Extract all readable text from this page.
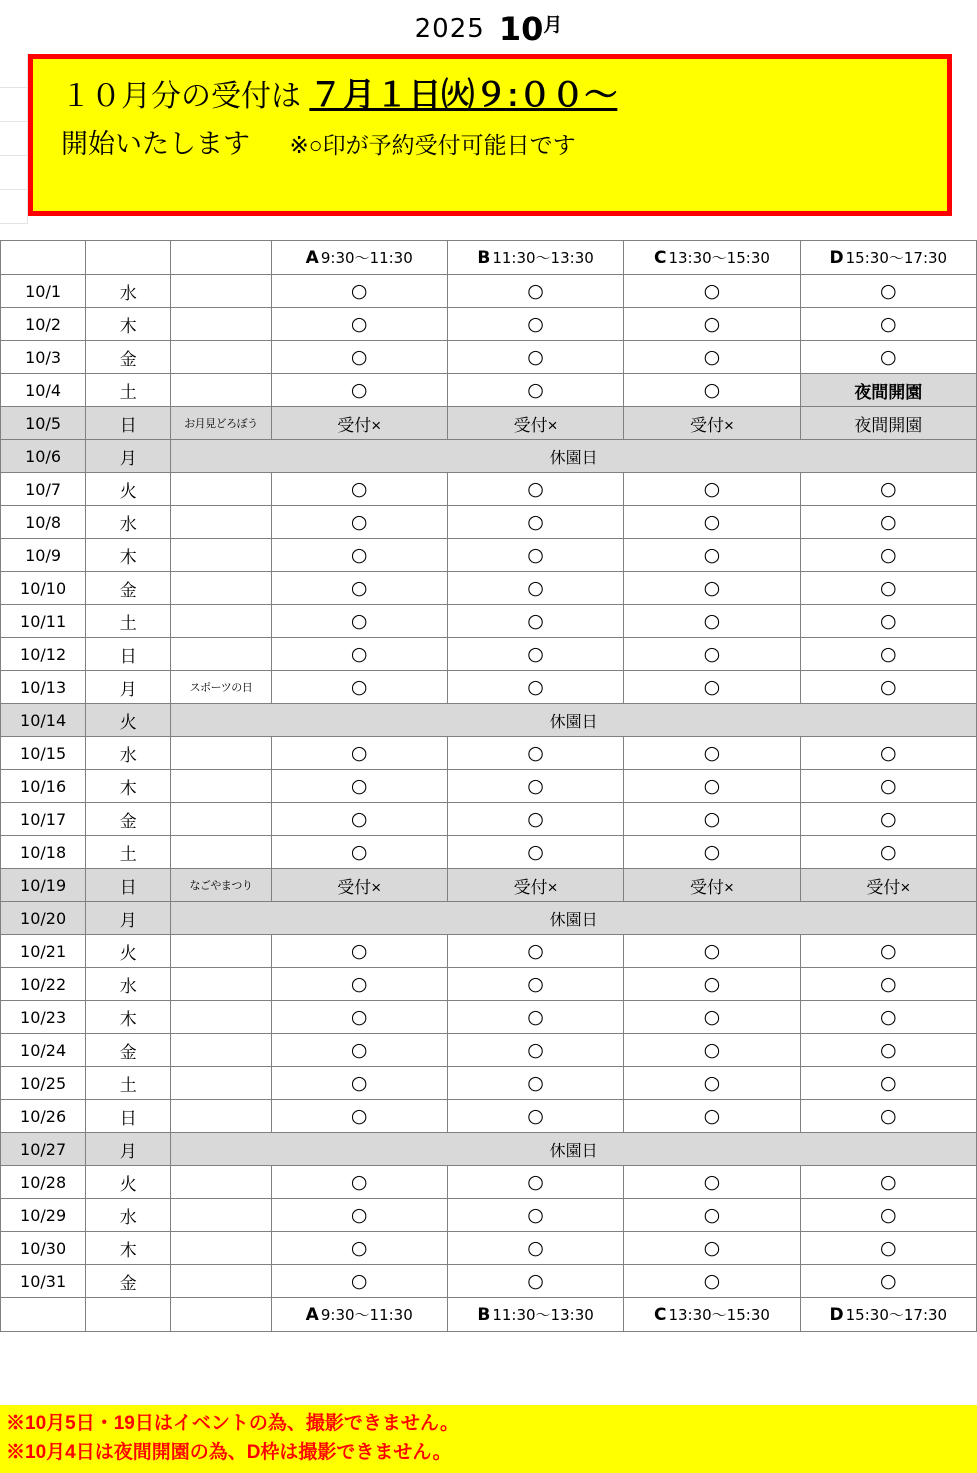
2025 10 月
１０月分の受付は ７月１日㈫９:００～
開始いたします ※○印が予約受付可能日です
			A 9:30～11:30	B 11:30～13:30	C 13:30～15:30	D 15:30～17:30
10/1	水		○	○	○	○
10/2	木		○	○	○	○
10/3	金		○	○	○	○
10/4	土		○	○	○	夜間開園
10/5	日	お月見どろぼう	受付×	受付×	受付×	夜間開園
10/6	月	休園日				
10/7	火		○	○	○	○
10/8	水		○	○	○	○
10/9	木		○	○	○	○
10/10	金		○	○	○	○
10/11	土		○	○	○	○
10/12	日		○	○	○	○
10/13	月	スポーツの日	○	○	○	○
10/14	火	休園日				
10/15	水		○	○	○	○
10/16	木		○	○	○	○
10/17	金		○	○	○	○
10/18	土		○	○	○	○
10/19	日	なごやまつり	受付×	受付×	受付×	受付×
10/20	月	休園日				
10/21	火		○	○	○	○
10/22	水		○	○	○	○
10/23	木		○	○	○	○
10/24	金		○	○	○	○
10/25	土		○	○	○	○
10/26	日		○	○	○	○
10/27	月	休園日				
10/28	火		○	○	○	○
10/29	水		○	○	○	○
10/30	木		○	○	○	○
10/31	金		○	○	○	○
			A 9:30～11:30	B 11:30～13:30	C 13:30～15:30	D 15:30～17:30
※10月5日・19日はイベントの為、撮影できません。
※10月4日は夜間開園の為、D枠は撮影できません。
